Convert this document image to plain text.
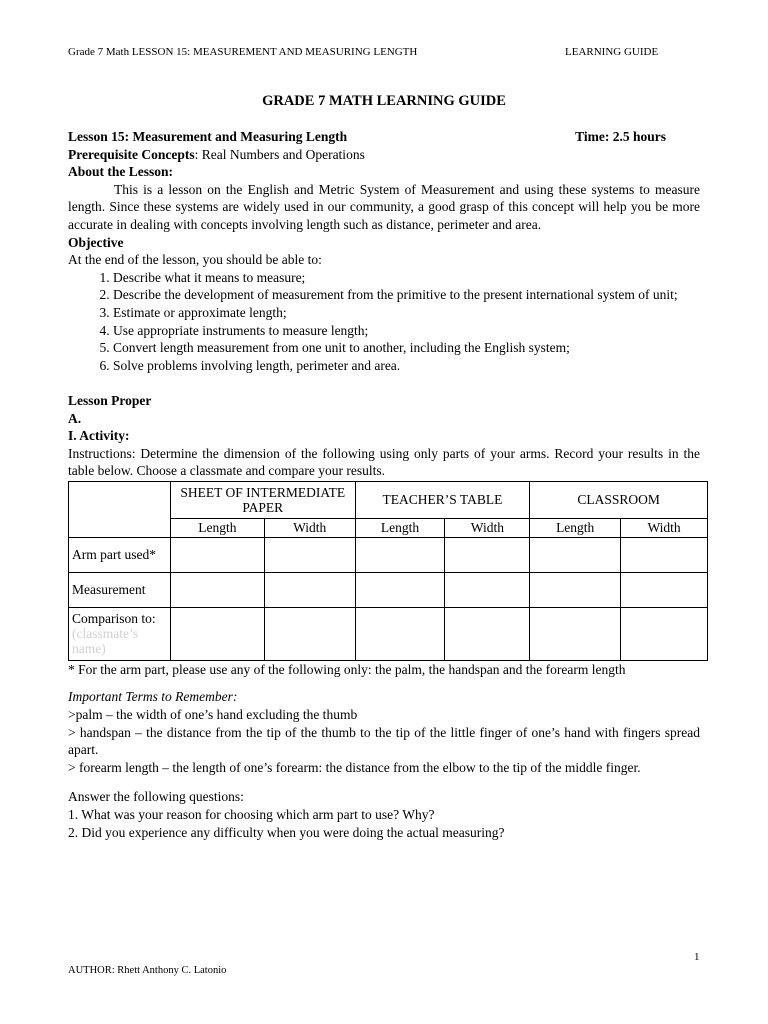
Grade 7 Math LESSON 15: MEASUREMENT AND MEASURING LENGTH	LEARNING GUIDE
GRADE 7 MATH LEARNING GUIDE
Lesson 15: Measurement and Measuring Length	Time: 2.5 hours
Prerequisite Concepts: Real Numbers and Operations
About the Lesson:
This is a lesson on the English and Metric System of Measurement and using these systems to measure length. Since these systems are widely used in our community, a good grasp of this concept will help you be more accurate in dealing with concepts involving length such as distance, perimeter and area.
Objective
At the end of the lesson, you should be able to:
1. Describe what it means to measure;
2. Describe the development of measurement from the primitive to the present international system of unit;
3. Estimate or approximate length;
4. Use appropriate instruments to measure length;
5. Convert length measurement from one unit to another, including the English system;
6. Solve problems involving length, perimeter and area.
Lesson Proper
A.
I. Activity:
Instructions: Determine the dimension of the following using only parts of your arms. Record your results in the table below. Choose a classmate and compare your results.
	SHEET OF INTERMEDIATE PAPER		TEACHER’S TABLE		CLASSROOM	
	Length	Width	Length	Width	Length	Width
Arm part used*						
Measurement						

Comparison to:
(classmate’s name)						

* For the arm part, please use any of the following only: the palm, the handspan and the forearm length
Important Terms to Remember:
>palm – the width of one’s hand excluding the thumb
> handspan – the distance from the tip of the thumb to the tip of the little finger of one’s hand with fingers spread apart.
> forearm length – the length of one’s forearm: the distance from the elbow to the tip of the middle finger.
Answer the following questions:
1. What was your reason for choosing which arm part to use? Why?
2. Did you experience any difficulty when you were doing the actual measuring?
1
AUTHOR: Rhett Anthony C. Latonio
